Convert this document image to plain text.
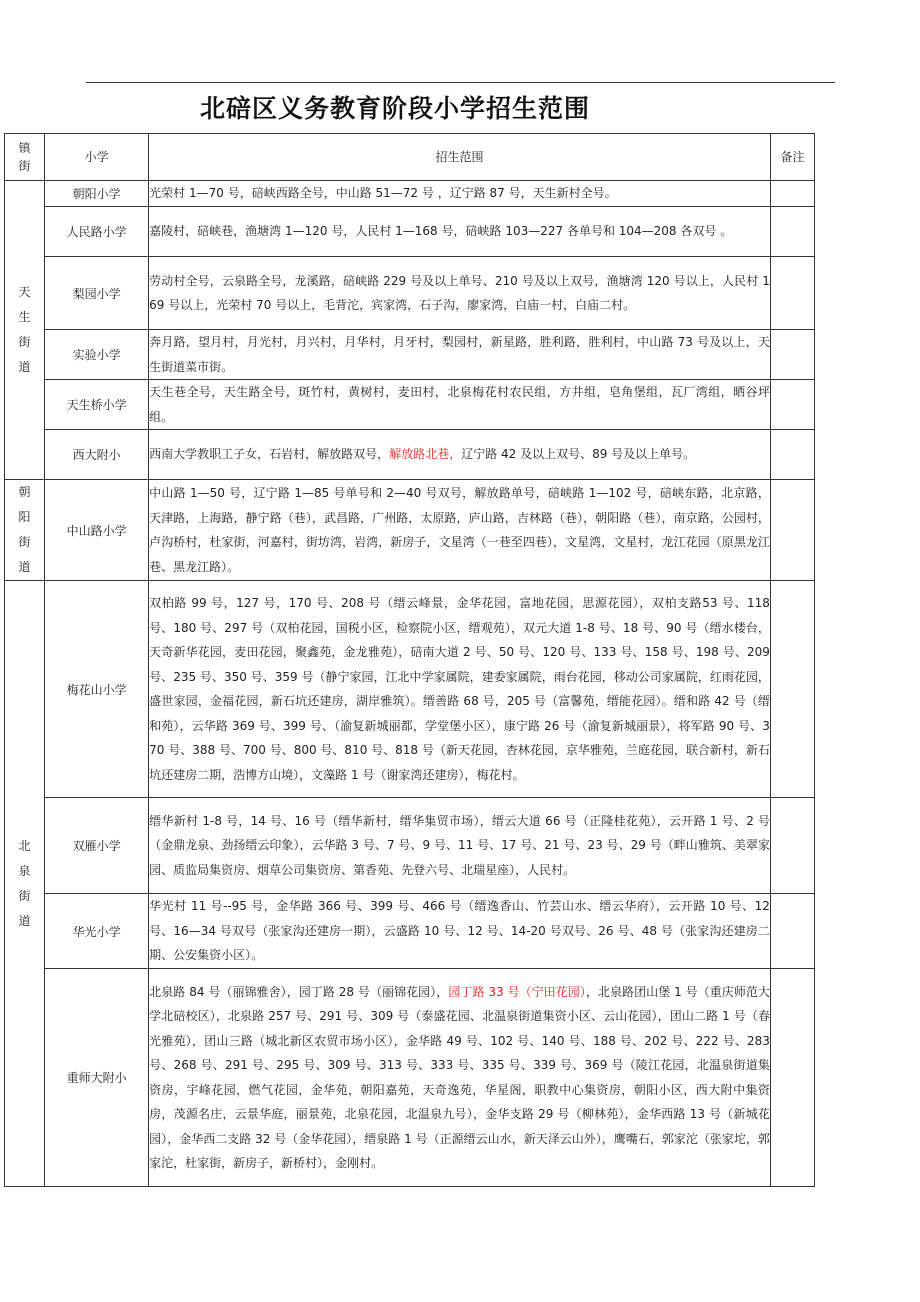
北碚区义务教育阶段小学招生范围
镇街	小学	招生范围	备注
天生街道	朝阳小学	光荣村 1—70 号，碚峡西路全号，中山路 51—72 号 ，辽宁路 87 号，天生新村全号。	
	人民路小学	嘉陵村，碚峡巷，渔塘湾 1—120 号，人民村 1—168 号，碚峡路 103—227 各单号和 104—208 各双号 。	
	梨园小学	劳动村全号，云泉路全号，龙溪路，碚峡路 229 号及以上单号、210 号及以上双号，渔塘湾 120 号以上，人民村 169 号以上，光荣村 70 号以上，毛背沱，宾家湾，石子沟，廖家湾，白庙一村，白庙二村。	
	实验小学	奔月路，望月村，月光村，月兴村，月华村，月牙村，梨园村，新星路，胜利路，胜利村，中山路 73 号及以上，天生街道菜市街。	
	天生桥小学	天生巷全号，天生路全号，斑竹村，黄树村，麦田村，北泉梅花村农民组，方井组，皂角堡组，瓦厂湾组，晒谷坪组。	
	西大附小	西南大学教职工子女，石岩村，解放路双号，解放路北巷，辽宁路 42 及以上双号、89 号及以上单号。	
朝阳街道	中山路小学	中山路 1—50 号，辽宁路 1—85 号单号和 2—40 号双号，解放路单号，碚峡路 1—102 号，碚峡东路，北京路，天津路，上海路，静宁路（巷），武昌路，广州路，太原路，庐山路，吉林路（巷），朝阳路（巷），南京路，公园村，卢沟桥村，杜家街，河嘉村，街坊湾，岩湾，新房子，文星湾（一巷至四巷），文星湾，文星村，龙江花园（原黑龙江巷、黑龙江路）。	
北泉街道	梅花山小学	双柏路 99 号，127 号，170 号、208 号（缙云峰景，金华花园，富地花园，思源花园），双柏支路53 号、118 号、180 号、297 号（双柏花园，国税小区，检察院小区，缙观苑），双元大道 1-8 号、18 号、90 号（缙水楼台，天奇新华花园，麦田花园，聚鑫苑，金龙雅苑），碚南大道 2 号、50 号、120 号、133 号、158 号、198 号、209 号、235 号、350 号、359 号（静宁家园，江北中学家属院，建委家属院，雨台花园，移动公司家属院，红雨花园，盛世家园，金福花园，新石坑还建房，湖岸雅筑）。缙善路 68 号，205 号（富馨苑，缙能花园）。缙和路 42 号（缙和苑），云华路 369 号、399 号、（渝复新城丽都，学堂堡小区），康宁路 26 号（渝复新城丽景），将军路 90 号、370 号、388 号、700 号、800 号、810 号、818 号（新天花园，杏林花园，京华雅苑，兰庭花园，联合新村，新石坑还建房二期，浩博方山境），文藻路 1 号（谢家湾还建房），梅花村。	
	双雁小学	缙华新村 1-8 号，14 号、16 号（缙华新村，缙华集贸市场），缙云大道 66 号（正隆桂花苑），云开路 1 号、2 号（金鼎龙泉、劲扬缙云印象），云华路 3 号、7 号、9 号、11 号、17 号、21 号、23 号、29 号（畔山雅筑、美翠家园、质监局集资房、烟草公司集资房、第香苑、先登六号、北瑞星座），人民村。	
	华光小学	华光村 11 号--95 号，金华路 366 号、399 号、466 号（缙逸香山、竹芸山水、缙云华府），云开路 10 号、12 号、16—34 号双号（张家沟还建房一期），云盛路 10 号、12 号、14-20 号双号、26 号、48 号（张家沟还建房二期、公安集资小区）。	
	重师大附小	北泉路 84 号（丽锦雅舍），园丁路 28 号（丽锦花园），园丁路 33 号（宁田花园），北泉路团山堡 1 号（重庆师范大学北碚校区），北泉路 257 号、291 号、309 号（泰盛花园、北温泉街道集资小区、云山花园），团山二路 1 号（春光雅苑），团山三路（城北新区农贸市场小区），金华路 49 号、102 号、140 号、188 号、202 号、222 号、283 号、268 号、291 号、295 号、309 号、313 号、333 号、335 号、339 号、369 号（陵江花园，北温泉街道集资房，宇峰花园，燃气花园，金华苑，朝阳嘉苑，天奇逸苑，华星阁，职教中心集资房，朝阳小区，西大附中集资房，茂源名庄，云景华庭，丽景苑，北泉花园，北温泉九号），金华支路 29 号（柳林苑），金华西路 13 号（新城花园），金华西二支路 32 号（金华花园），缙泉路 1 号（正源缙云山水，新天泽云山外），鹰嘴石，郭家沱（张家坨，郭家沱，杜家街，新房子，新桥村），金刚村。	
